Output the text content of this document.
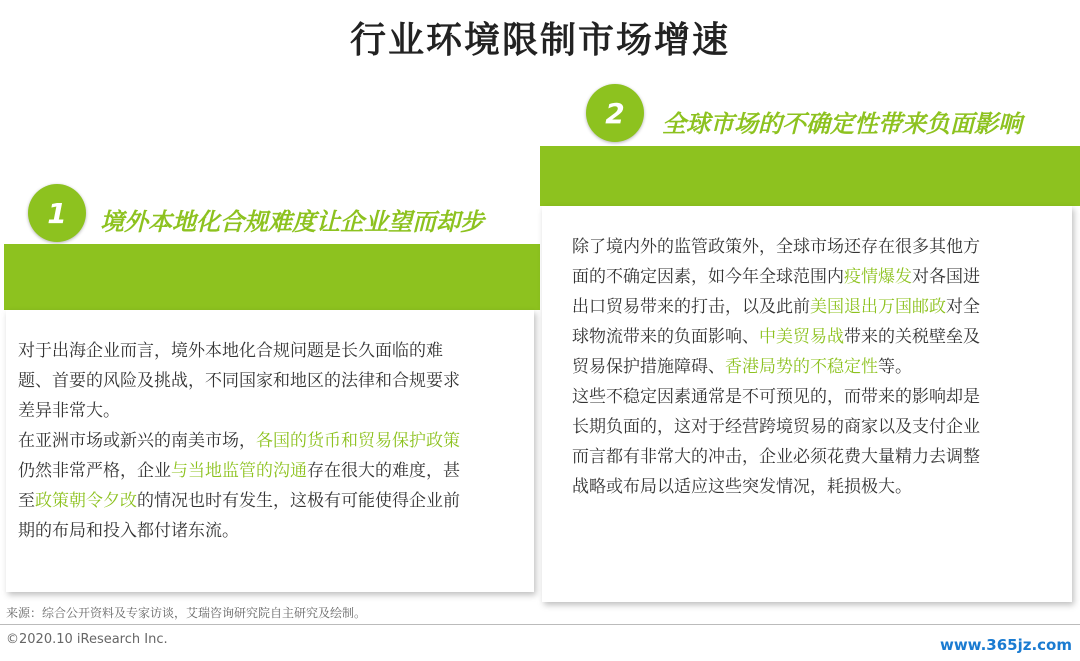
行业环境限制市场增速
2	全球市场的不确定性带来负面影响
1	境外本地化合规难度让企业望而却步

对于出海企业而言，境外本地化合规问题是长久面临的难题、首要的风险及挑战，不同国家和地区的法律和合规要求差异非常大。

在亚洲市场或新兴的南美市场，各国的货币和贸易保护政策仍然非常严格，企业与当地监管的沟通存在很大的难度，甚至政策朝令夕改的情况也时有发生，这极有可能使得企业前期的布局和投入都付诸东流。

除了境内外的监管政策外，全球市场还存在很多其他方面的不确定因素，如今年全球范围内疫情爆发对各国进出口贸易带来的打击，以及此前美国退出万国邮政对全球物流带来的负面影响、中美贸易战带来的关税壁垒及贸易保护措施障碍、香港局势的不稳定性等。

这些不稳定因素通常是不可预见的，而带来的影响却是长期负面的，这对于经营跨境贸易的商家以及支付企业而言都有非常大的冲击，企业必须花费大量精力去调整战略或布局以适应这些突发情况，耗损极大。

来源：综合公开资料及专家访谈，艾瑞咨询研究院自主研究及绘制。
©2020.10 iResearch Inc.	www.365jz.com
